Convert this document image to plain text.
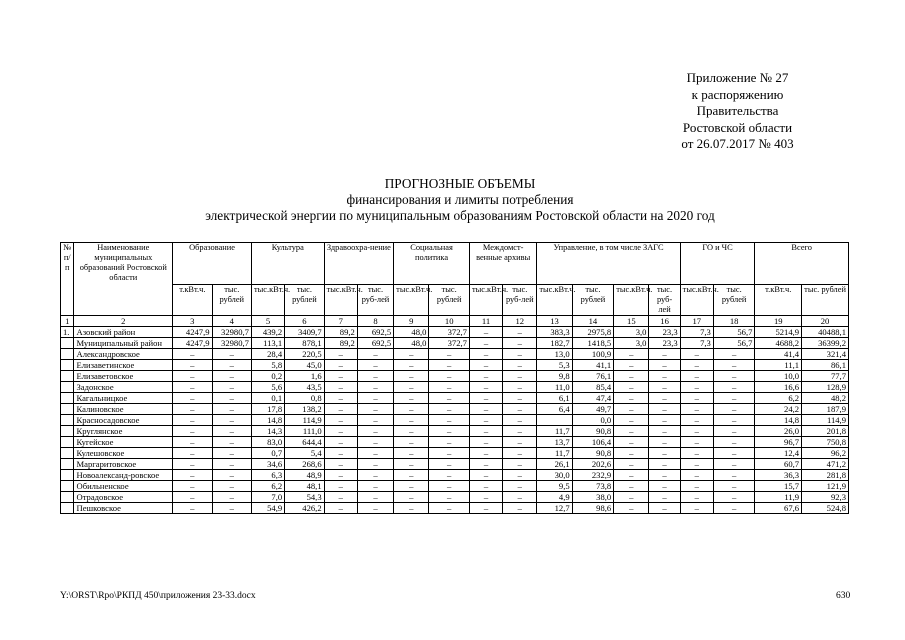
Приложение № 27
к распоряжению
Правительства
Ростовской области
от 26.07.2017 № 403
ПРОГНОЗНЫЕ ОБЪЕМЫ
финансирования и лимиты потребления
электрической энергии по муниципальным образованиям Ростовской области на 2020 год
№ п/п	Наименование муниципальных образований Ростовской области	Образование		Культура		Здравоохра-нение		Социальная политика		Междомст-венные архивы		Управление, в том числе ЗАГС				ГО и ЧС		Всего	
		т.кВт.ч.	тыс. рублей	тыс.кВт.ч.	тыс. рублей	тыс.кВт.ч.	тыс. руб-лей	тыс.кВт.ч.	тыс. рублей	тыс.кВт.ч.	тыс. руб-лей	тыс.кВт.ч.	тыс. рублей	тыс.кВт.ч.	тыс. руб-лей	тыс.кВт.ч.	тыс. рублей	т.кВт.ч.	тыс. рублей
1	2	3	4	5	6	7	8	9	10	11	12	13	14	15	16	17	18	19	20
1.	Азовский район	4247,9	32980,7	439,2	3409,7	89,2	692,5	48,0	372,7	–	–	383,3	2975,8	3,0	23,3	7,3	56,7	5214,9	40488,1
	Муниципальный район	4247,9	32980,7	113,1	878,1	89,2	692,5	48,0	372,7	–	–	182,7	1418,5	3,0	23,3	7,3	56,7	4688,2	36399,2
	Александровское	–	–	28,4	220,5	–	–	–	–	–	–	13,0	100,9	–	–	–	–	41,4	321,4
	Елизаветинское	–	–	5,8	45,0	–	–	–	–	–	–	5,3	41,1	–	–	–	–	11,1	86,1
	Елизаветовское	–	–	0,2	1,6	–	–	–	–	–	–	9,8	76,1	–	–	–	–	10,0	77,7
	Задонское	–	–	5,6	43,5	–	–	–	–	–	–	11,0	85,4	–	–	–	–	16,6	128,9
	Кагальницкое	–	–	0,1	0,8	–	–	–	–	–	–	6,1	47,4	–	–	–	–	6,2	48,2
	Калиновское	–	–	17,8	138,2	–	–	–	–	–	–	6,4	49,7	–	–	–	–	24,2	187,9
	Красносадовское	–	–	14,8	114,9	–	–	–	–	–	–		0,0	–	–	–	–	14,8	114,9
	Круглянское	–	–	14,3	111,0	–	–	–	–	–	–	11,7	90,8	–	–	–	–	26,0	201,8
	Кугейское	–	–	83,0	644,4	–	–	–	–	–	–	13,7	106,4	–	–	–	–	96,7	750,8
	Кулешовское	–	–	0,7	5,4	–	–	–	–	–	–	11,7	90,8	–	–	–	–	12,4	96,2
	Маргаритовское	–	–	34,6	268,6	–	–	–	–	–	–	26,1	202,6	–	–	–	–	60,7	471,2
	Новоалександ-ровское	–	–	6,3	48,9	–	–	–	–	–	–	30,0	232,9	–	–	–	–	36,3	281,8
	Обильненское	–	–	6,2	48,1	–	–	–	–	–	–	9,5	73,8	–	–	–	–	15,7	121,9
	Отрадовское	–	–	7,0	54,3	–	–	–	–	–	–	4,9	38,0	–	–	–	–	11,9	92,3
	Пешковское	–	–	54,9	426,2	–	–	–	–	–	–	12,7	98,6	–	–	–	–	67,6	524,8
Y:\ORST\Rpo\РКПД 450\приложения 23-33.docx	630
